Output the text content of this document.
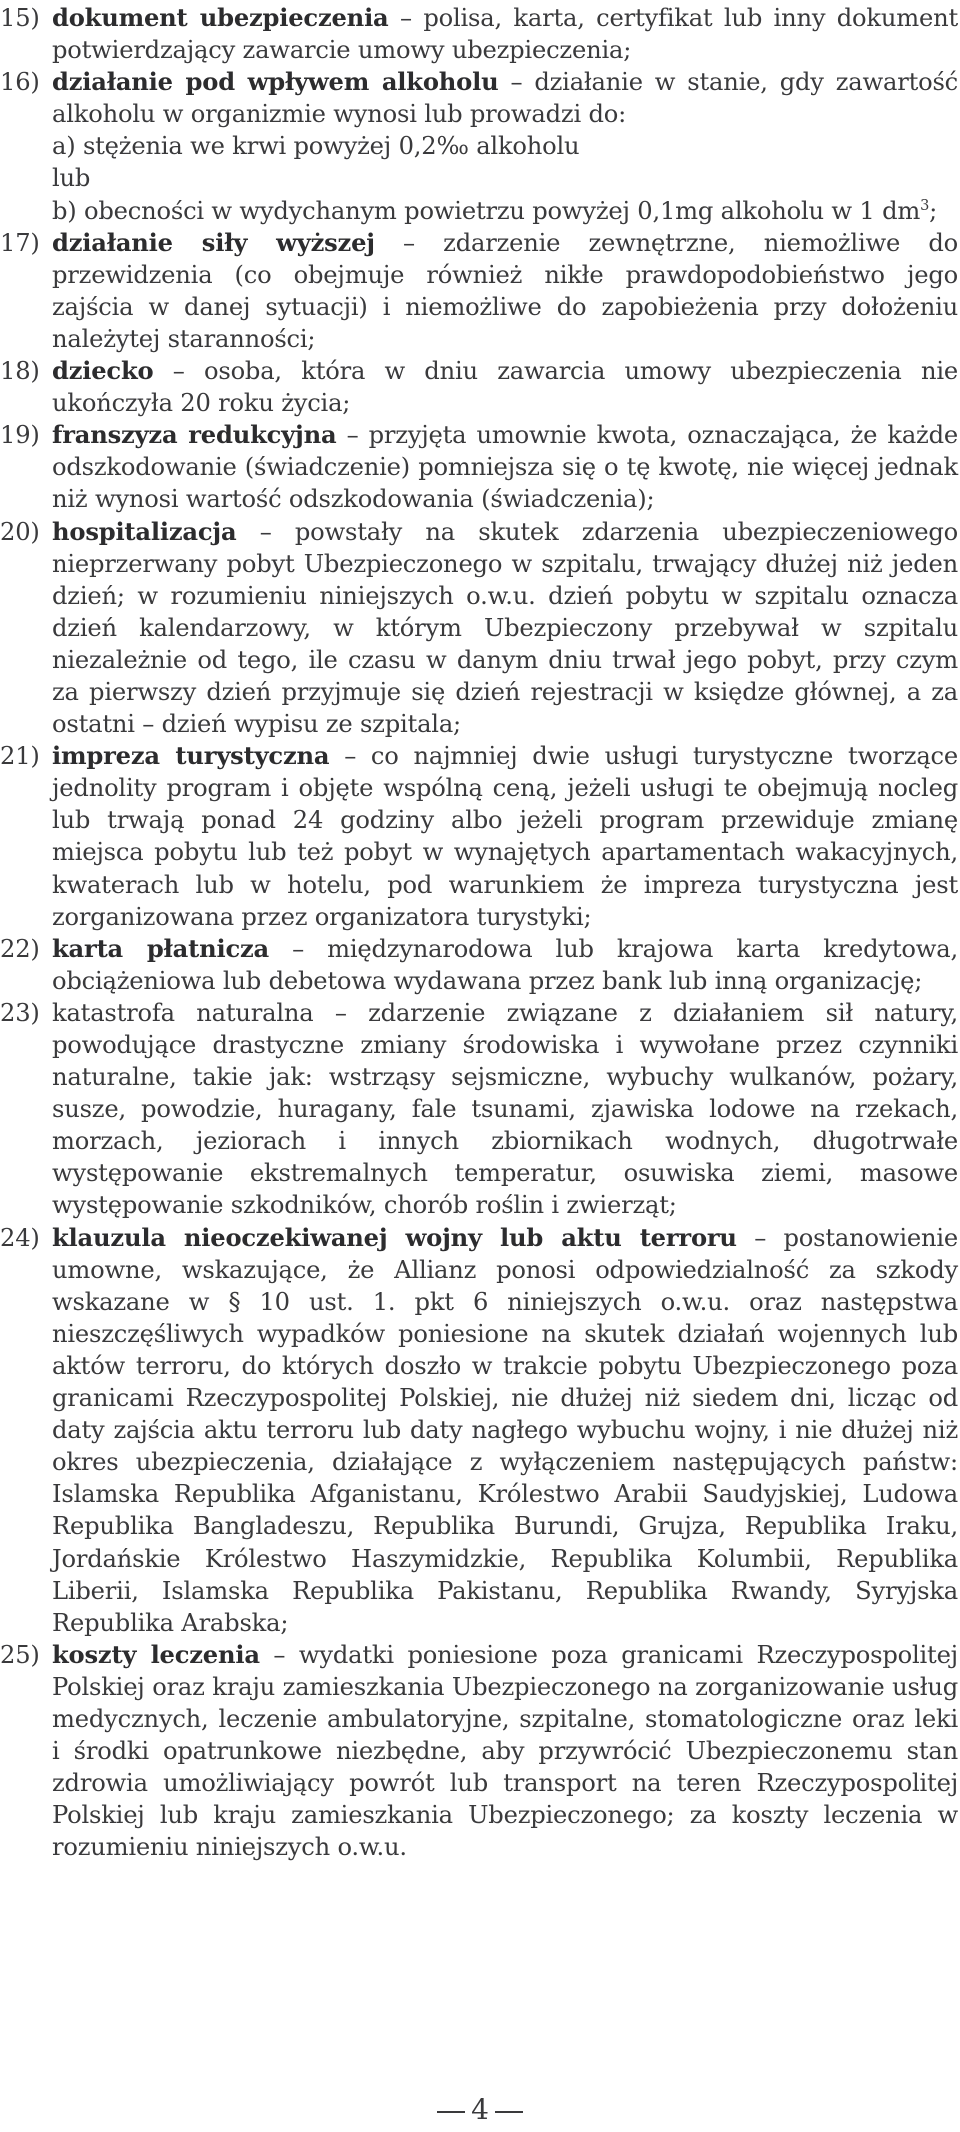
15) dokument ubezpieczenia – polisa, karta, certyfikat lub inny dokument potwierdzający zawarcie umowy ubezpieczenia;
16) działanie pod wpływem alkoholu – działanie w stanie, gdy zawartość alkoholu w organizmie wynosi lub prowadzi do:
a) stężenia we krwi powyżej 0,2‰ alkoholu
lub
b) obecności w wydychanym powietrzu powyżej 0,1mg alkoholu w 1 $dm^3$;
17) działanie siły wyższej – zdarzenie zewnętrzne, niemożliwe do przewidzenia (co obejmuje również nikłe prawdopodobieństwo jego zajścia w danej sytuacji) i niemożliwe do zapobieżenia przy dołożeniu należytej staranności;
18) dziecko – osoba, która w dniu zawarcia umowy ubezpieczenia nie ukończyła 20 roku życia;
19) franszyza redukcyjna – przyjęta umownie kwota, oznaczająca, że każde odszkodowanie (świadczenie) pomniejsza się o tę kwotę, nie więcej jednak niż wynosi wartość odszkodowania (świadczenia);
20) hospitalizacja – powstały na skutek zdarzenia ubezpieczeniowego nieprzerwany pobyt Ubezpieczonego w szpitalu, trwający dłużej niż jeden dzień; w rozumieniu niniejszych o.w.u. dzień pobytu w szpitalu oznacza dzień kalendarzowy, w którym Ubezpieczony przebywał w szpitalu niezależnie od tego, ile czasu w danym dniu trwał jego pobyt, przy czym za pierwszy dzień przyjmuje się dzień rejestracji w księdze głównej, a za ostatni – dzień wypisu ze szpitala;
21) impreza turystyczna – co najmniej dwie usługi turystyczne tworzące jednolity program i objęte wspólną ceną, jeżeli usługi te obejmują nocleg lub trwają ponad 24 godziny albo jeżeli program przewiduje zmianę miejsca pobytu lub też pobyt w wynajętych apartamentach wakacyjnych, kwaterach lub w hotelu, pod warunkiem że impreza turystyczna jest zorganizowana przez organizatora turystyki;
22) karta płatnicza – międzynarodowa lub krajowa karta kredytowa, obciążeniowa lub debetowa wydawana przez bank lub inną organizację;
23) katastrofa naturalna – zdarzenie związane z działaniem sił natury, powodujące drastyczne zmiany środowiska i wywołane przez czynniki naturalne, takie jak: wstrząsy sejsmiczne, wybuchy wulkanów, pożary, susze, powodzie, huragany, fale tsunami, zjawiska lodowe na rzekach, morzach, jeziorach i innych zbiornikach wodnych, długotrwałe występowanie ekstremalnych temperatur, osuwiska ziemi, masowe występowanie szkodników, chorób roślin i zwierząt;
24) klauzula nieoczekiwanej wojny lub aktu terroru – postanowienie umowne, wskazujące, że Allianz ponosi odpowiedzialność za szkody wskazane w § 10 ust. 1. pkt 6 niniejszych o.w.u. oraz następstwa nieszczęśliwych wypadków poniesione na skutek działań wojennych lub aktów terroru, do których doszło w trakcie pobytu Ubezpieczonego poza granicami Rzeczypospolitej Polskiej, nie dłużej niż siedem dni, licząc od daty zajścia aktu terroru lub daty nagłego wybuchu wojny, i nie dłużej niż okres ubezpieczenia, działające z wyłączeniem następujących państw: Islamska Republika Afganistanu, Królestwo Arabii Saudyjskiej, Ludowa Republika Bangladeszu, Republika Burundi, Grujza, Republika Iraku, Jordańskie Królestwo Haszymidzkie, Republika Kolumbii, Republika Liberii, Islamska Republika Pakistanu, Republika Rwandy, Syryjska Republika Arabska;
25) koszty leczenia – wydatki poniesione poza granicami Rzeczypospolitej Polskiej oraz kraju zamieszkania Ubezpieczonego na zorganizowanie usług medycznych, leczenie ambulatoryjne, szpitalne, stomatologiczne oraz leki i środki opatrunkowe niezbędne, aby przywrócić Ubezpieczonemu stan zdrowia umożliwiający powrót lub transport na teren Rzeczypospolitej Polskiej lub kraju zamieszkania Ubezpieczonego; za koszty leczenia w rozumieniu niniejszych o.w.u.
4
